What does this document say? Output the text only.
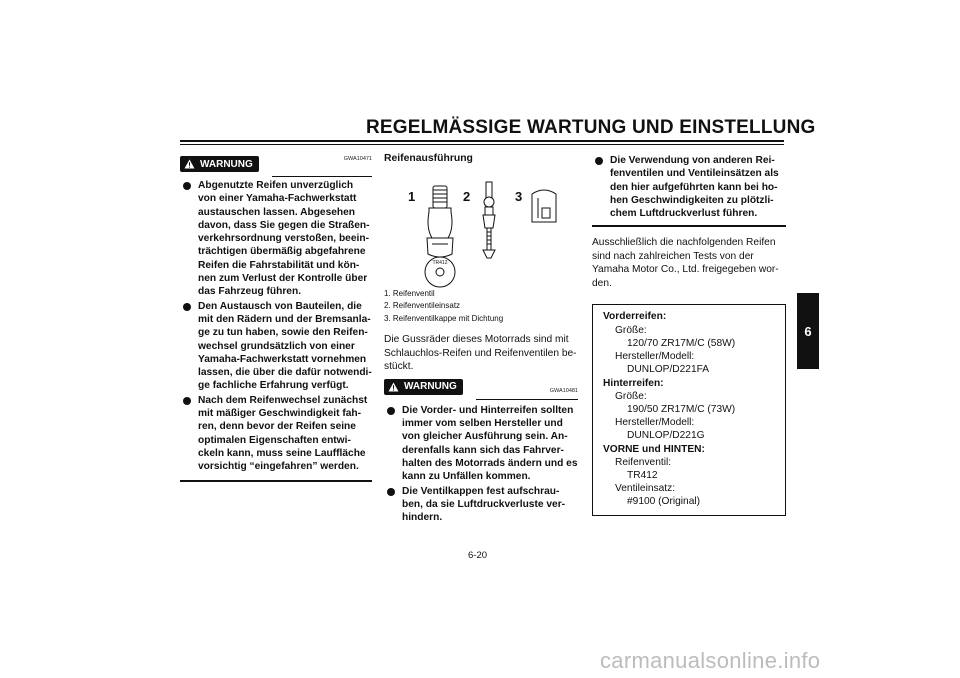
REGELMÄSSIGE WARTUNG UND EINSTELLUNG
6
WARNUNG	GWA10471
Abgenutzte Reifen unverzüglich von einer Yamaha-Fachwerkstatt austauschen lassen. Abgesehen davon, dass Sie gegen die Straßen-verkehrsordnung verstoßen, beein-trächtigen übermäßig abgefahrene Reifen die Fahrstabilität und kön-nen zum Verlust der Kontrolle über das Fahrzeug führen.
Den Austausch von Bauteilen, die mit den Rädern und der Bremsanla-ge zu tun haben, sowie den Reifen-wechsel grundsätzlich von einer Yamaha-Fachwerkstatt vornehmen lassen, die über die dafür notwendi-ge fachliche Erfahrung verfügt.
Nach dem Reifenwechsel zunächst mit mäßiger Geschwindigkeit fah-ren, denn bevor der Reifen seine optimalen Eigenschaften entwi-ckeln kann, muss seine Lauffläche vorsichtig “eingefahren” werden.
Reifenausführung
1	2	3
TR412
1. Reifenventil
2. Reifenventileinsatz
3. Reifenventilkappe mit Dichtung
Die Gussräder dieses Motorrads sind mit Schlauchlos-Reifen und Reifenventilen be-stückt.
WARNUNG	GWA10481
Die Vorder- und Hinterreifen sollten immer vom selben Hersteller und von gleicher Ausführung sein. An-derenfalls kann sich das Fahrver-halten des Motorrads ändern und es kann zu Unfällen kommen.
Die Ventilkappen fest aufschrau-ben, da sie Luftdruckverluste ver-hindern.
Die Verwendung von anderen Rei-fenventilen und Ventileinsätzen als den hier aufgeführten kann bei ho-hen Geschwindigkeiten zu plötzli-chem Luftdruckverlust führen.
Ausschließlich die nachfolgenden Reifen sind nach zahlreichen Tests von der Yamaha Motor Co., Ltd. freigegeben wor-den.
Vorderreifen:
Größe:
120/70 ZR17M/C (58W)
Hersteller/Modell:
DUNLOP/D221FA
Hinterreifen:
Größe:
190/50 ZR17M/C (73W)
Hersteller/Modell:
DUNLOP/D221G
VORNE und HINTEN:
Reifenventil:
TR412
Ventileinsatz:
#9100 (Original)
6-20
carmanualsonline.info
